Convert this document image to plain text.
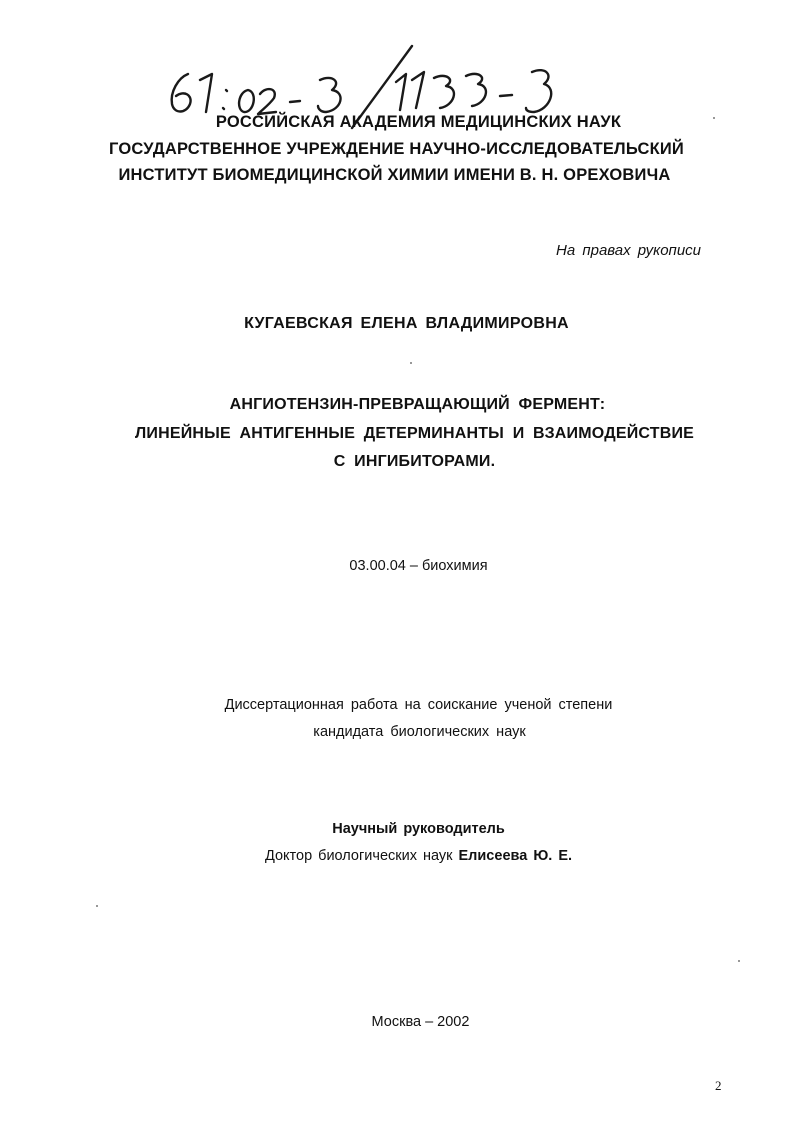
РОССИЙСКАЯ АКАДЕМИЯ МЕДИЦИНСКИХ НАУК
ГОСУДАРСТВЕННОЕ УЧРЕЖДЕНИЕ НАУЧНО-ИССЛЕДОВАТЕЛЬСКИЙ
ИНСТИТУТ БИОМЕДИЦИНСКОЙ ХИМИИ ИМЕНИ В. Н. ОРЕХОВИЧА
На правах рукописи
КУГАЕВСКАЯ ЕЛЕНА ВЛАДИМИРОВНА
АНГИОТЕНЗИН-ПРЕВРАЩАЮЩИЙ ФЕРМЕНТ:
ЛИНЕЙНЫЕ АНТИГЕННЫЕ ДЕТЕРМИНАНТЫ И ВЗАИМОДЕЙСТВИЕ
С ИНГИБИТОРАМИ.
03.00.04 – биохимия
Диссертационная работа на соискание ученой степени
кандидата биологических наук
Научный руководитель
Доктор биологических наук Елисеева Ю. Е.
Москва – 2002
2
